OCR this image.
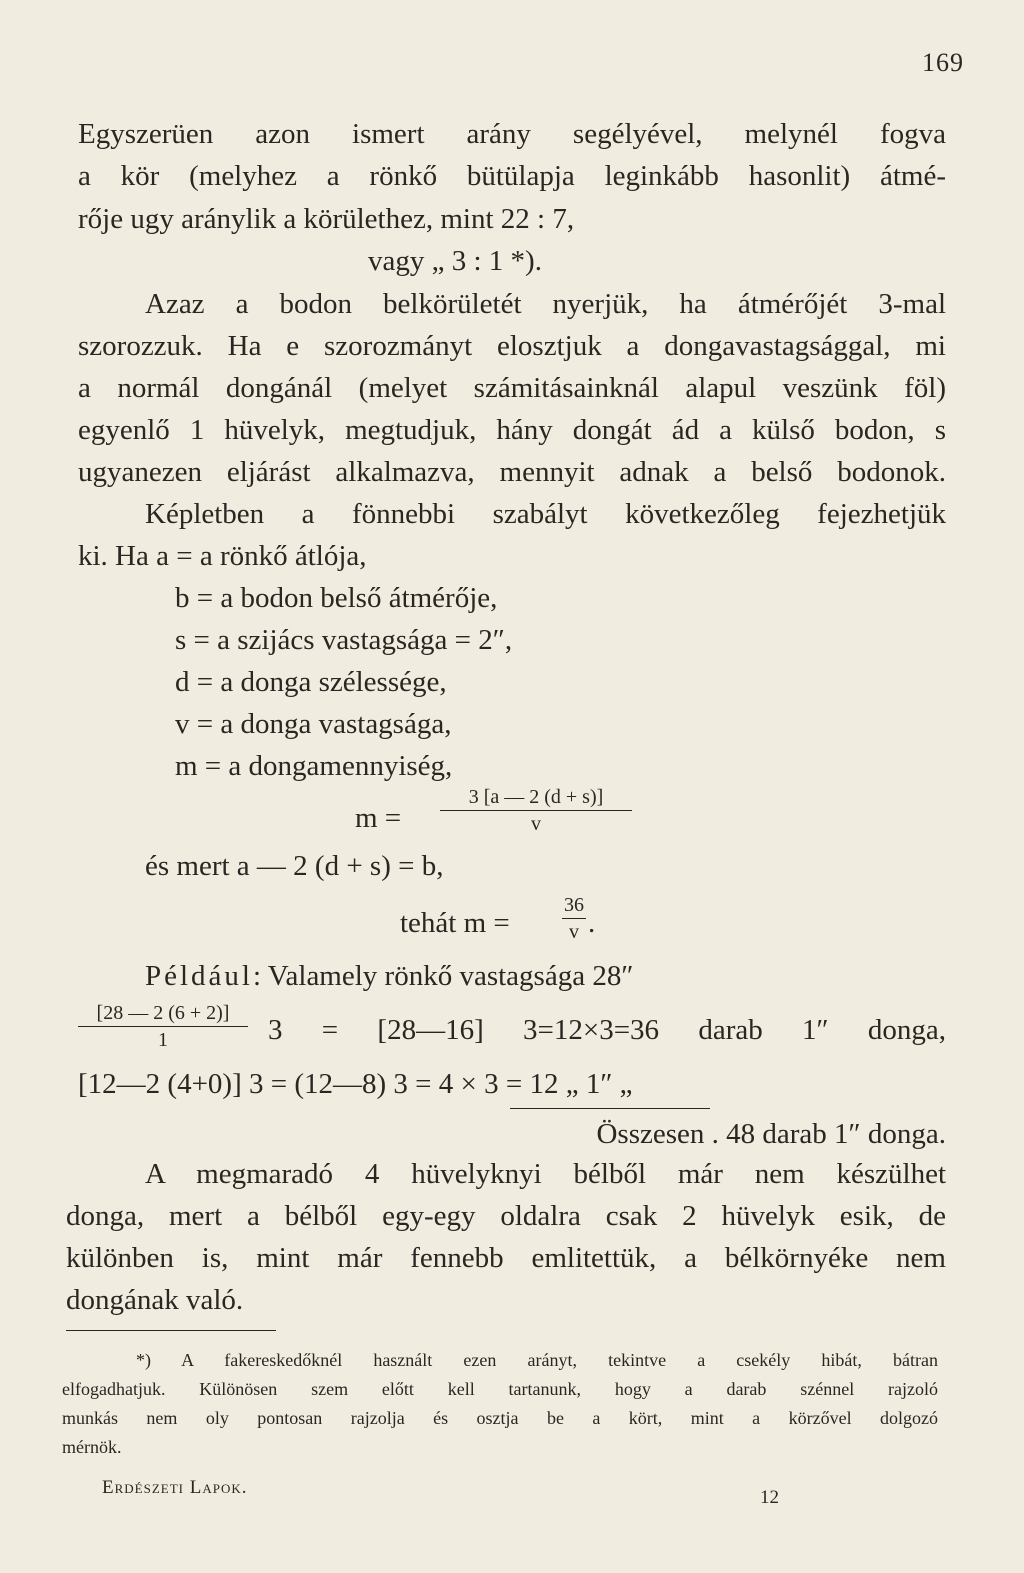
169
Egyszerüen azon ismert arány segélyével, melynél fogva
a kör (melyhez a rönkő bütülapja leginkább hasonlit) átmé-
rője ugy aránylik a körülethez, mint 22 : 7,
vagy „ 3 : 1 *).
Azaz a bodon belkörületét nyerjük, ha átmérőjét 3-mal
szorozzuk. Ha e szorozmányt elosztjuk a dongavastagsággal, mi
a normál dongánál (melyet számitásainknál alapul veszünk föl)
egyenlő 1 hüvelyk, megtudjuk, hány dongát ád a külső bodon, s
ugyanezen eljárást alkalmazva, mennyit adnak a belső bodonok.
Képletben a fönnebbi szabályt következőleg fejezhetjük
ki. Ha a = a rönkő átlója,
b = a bodon belső átmérője,
s = a szijács vastagsága = 2″,
d = a donga szélessége,
v = a donga vastagsága,
m = a dongamennyiség,
m =
3 [a — 2 (d + s)]
v
és mert a — 2 (d + s) = b,
tehát m =
36
v .
Például: Valamely rönkő vastagsága 28″
[28 — 2 (6 + 2)]
1	3 = [28—16] 3=12×3=36 darab 1″ donga,
[12—2 (4+0)] 3 = (12—8) 3 = 4 × 3 = 12 „ 1″ „
Összesen . 48 darab 1″ donga.
A megmaradó 4 hüvelyknyi bélből már nem készülhet
donga, mert a bélből egy-egy oldalra csak 2 hüvelyk esik, de
különben is, mint már fennebb emlitettük, a bélkörnyéke nem
dongának való.
*) A fakereskedőknél használt ezen arányt, tekintve a csekély hibát, bátran
elfogadhatjuk. Különösen szem előtt kell tartanunk, hogy a darab szénnel rajzoló
munkás nem oly pontosan rajzolja és osztja be a kört, mint a körzővel dolgozó
mérnök.
Erdészeti Lapok.	12
